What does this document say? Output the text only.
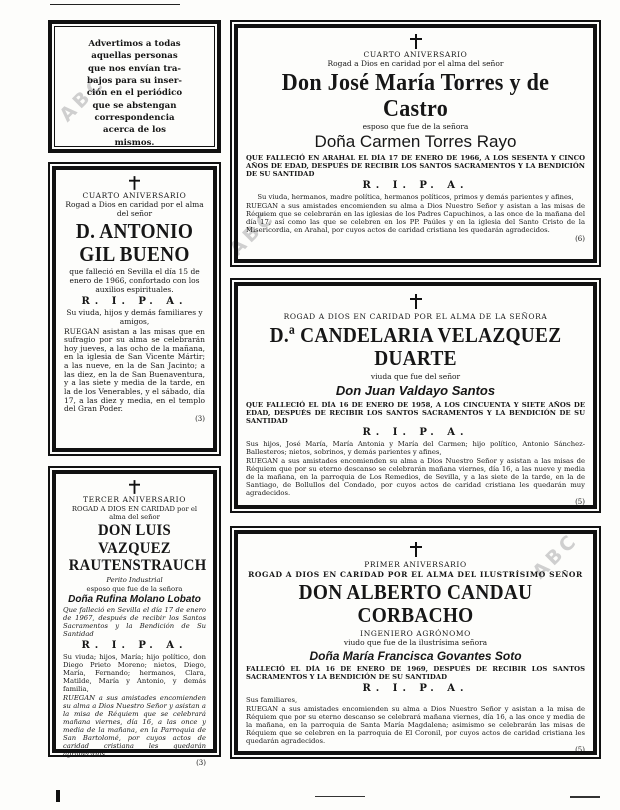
ABC
ABC
ABC

Advertimos a todas

aquellas personas

que nos envían tra-

bajos para su inser-

ción en el periódico

que se abstengan

correspondencia

acerca de los

mismos.

CUARTO ANIVERSARIO

Rogad a Dios en caridad por el alma del señor

Don José María Torres y de Castro

esposo que fue de la señora

Doña Carmen Torres Rayo

QUE FALLECIÓ EN ARAHAL EL DÍA 17 DE ENERO DE 1966, A LOS SESENTA Y CINCO AÑOS DE EDAD, DESPUÉS DE RECIBIR LOS SANTOS SACRAMENTOS Y LA BENDICIÓN DE SU SANTIDAD

R. I. P. A.

Su viuda, hermanos, madre política, hermanos políticos, primos y demás parientes y afines,

RUEGAN a sus amistades encomienden su alma a Dios Nuestro Señor y asistan a las misas de Réquiem que se celebrarán en las iglesias de los Padres Capuchinos, a las once de la mañana del día 17, así como las que se celebren en los PP. Paúles y en la iglesia del Santo Cristo de la Misericordia, en Arahal, por cuyos actos de caridad cristiana les quedarán agradecidos.

(6)

CUARTO ANIVERSARIO

Rogad a Dios en caridad por el alma del señor

D. ANTONIO GIL BUENO

que falleció en Sevilla el día 15 de enero de 1966, confortado con los auxilios espirituales.

R. I. P. A.

Su viuda, hijos y demás familiares y amigos,

RUEGAN asistan a las misas que en sufragio por su alma se celebrarán hoy jueves, a las ocho de la mañana, en la iglesia de San Vicente Mártir; a las nueve, en la de San Jacinto; a las diez, en la de San Buenaventura, y a las siete y media de la tarde, en la de los Venerables, y el sábado, día 17, a las diez y media, en el templo del Gran Poder.

(3)

ROGAD A DIOS EN CARIDAD POR EL ALMA DE LA SEÑORA

D.ª CANDELARIA VELAZQUEZ DUARTE

viuda que fue del señor

Don Juan Valdayo Santos

QUE FALLECIÓ EL DÍA 16 DE ENERO DE 1958, A LOS CINCUENTA Y SIETE AÑOS DE EDAD, DESPUÉS DE RECIBIR LOS SANTOS SACRAMENTOS Y LA BENDICIÓN DE SU SANTIDAD

R. I. P. A.

Sus hijos, José María, María Antonia y María del Carmen; hijo político, Antonio Sánchez-Ballesteros; nietos, sobrinos, y demás parientes y afines,

RUEGAN a sus amistades encomienden su alma a Dios Nuestro Señor y asistan a las misas de Réquiem que por su eterno descanso se celebrarán mañana viernes, día 16, a las nueve y media de la mañana, en la parroquia de Los Remedios, de Sevilla, y a las siete de la tarde, en la de Santiago, de Bollullos del Condado, por cuyos actos de caridad cristiana les quedarán muy agradecidos.

(5)

TERCER ANIVERSARIO

ROGAD A DIOS EN CARIDAD por el alma del señor

DON LUIS VAZQUEZ RAUTENSTRAUCH

Perito Industrial

esposo que fue de la señora

Doña Rufina Molano Lobato

Que falleció en Sevilla el día 17 de enero de 1967, después de recibir los Santos Sacramentos y la Bendición de Su Santidad

R. I. P. A.

Su viuda; hijos, María; hijo político, don Diego Prieto Moreno; nietos, Diego, María, Fernando; hermanos, Clara, Matilde, María y Antonio, y demás familia,

RUEGAN a sus amistades encomienden su alma a Dios Nuestro Señor y asistan a la misa de Réquiem que se celebrará mañana viernes, día 16, a las once y media de la mañana, en la Parroquia de San Bartolomé, por cuyos actos de caridad cristiana les quedarán agradecidos.

(3)

PRIMER ANIVERSARIO

ROGAD A DIOS EN CARIDAD POR EL ALMA DEL ILUSTRÍSIMO SEÑOR

DON ALBERTO CANDAU CORBACHO

INGENIERO AGRÓNOMO

viudo que fue de la ilustrísima señora

Doña María Francisca Govantes Soto

FALLECIÓ EL DÍA 16 DE ENERO DE 1969, DESPUÉS DE RECIBIR LOS SANTOS SACRAMENTOS Y LA BENDICIÓN DE SU SANTIDAD

R. I. P. A.

Sus familiares,

RUEGAN a sus amistades encomienden su alma a Dios Nuestro Señor y asistan a la misa de Réquiem que por su eterno descanso se celebrará mañana viernes, día 16, a las once y media de la mañana, en la parroquia de Santa María Magdalena; asimismo se celebrarán las misas de Réquiem que se celebren en la parroquia de El Coronil, por cuyos actos de caridad cristiana les quedarán agradecidos.

(5)
